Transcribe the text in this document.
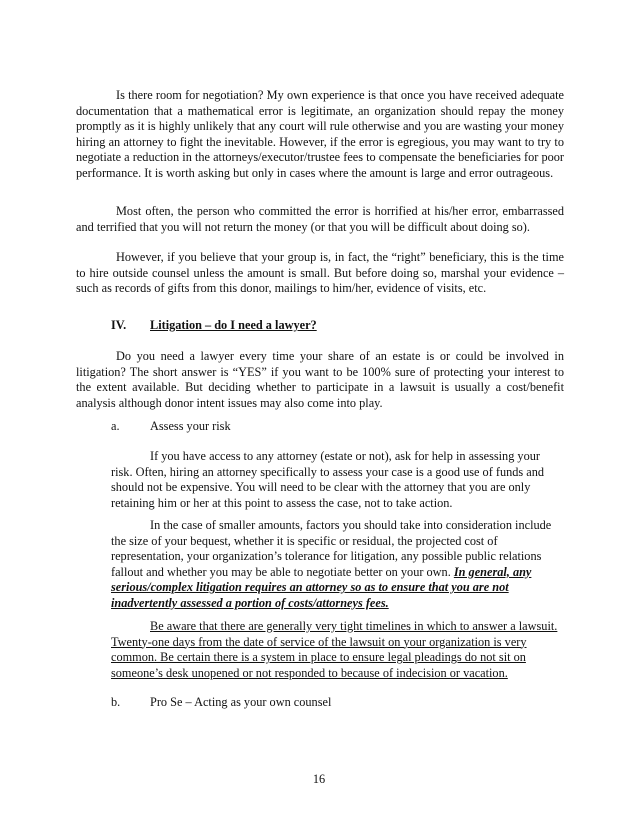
Is there room for negotiation? My own experience is that once you have received adequate documentation that a mathematical error is legitimate, an organization should repay the money promptly as it is highly unlikely that any court will rule otherwise and you are wasting your money hiring an attorney to fight the inevitable. However, if the error is egregious, you may want to try to negotiate a reduction in the attorneys/executor/trustee fees to compensate the beneficiaries for poor performance. It is worth asking but only in cases where the amount is large and error outrageous.

Most often, the person who committed the error is horrified at his/her error, embarrassed and terrified that you will not return the money (or that you will be difficult about doing so).

However, if you believe that your group is, in fact, the “right” beneficiary, this is the time to hire outside counsel unless the amount is small. But before doing so, marshal your evidence – such as records of gifts from this donor, mailings to him/her, evidence of visits, etc.

IV.	Litigation – do I need a lawyer?

Do you need a lawyer every time your share of an estate is or could be involved in litigation? The short answer is “YES” if you want to be 100% sure of protecting your interest to the extent available. But deciding whether to participate in a lawsuit is usually a cost/benefit analysis although donor intent issues may also come into play.

a.	Assess your risk

If you have access to any attorney (estate or not), ask for help in assessing your risk. Often, hiring an attorney specifically to assess your case is a good use of funds and should not be expensive. You will need to be clear with the attorney that you are only retaining him or her at this point to assess the case, not to take action.

In the case of smaller amounts, factors you should take into consideration include the size of your bequest, whether it is specific or residual, the projected cost of representation, your organization’s tolerance for litigation, any possible public relations fallout and whether you may be able to negotiate better on your own. In general, any serious/complex litigation requires an attorney so as to ensure that you are not inadvertently assessed a portion of costs/attorneys fees.

Be aware that there are generally very tight timelines in which to answer a lawsuit. Twenty-one days from the date of service of the lawsuit on your organization is very common. Be certain there is a system in place to ensure legal pleadings do not sit on someone’s desk unopened or not responded to because of indecision or vacation.

b.	Pro Se – Acting as your own counsel
16
